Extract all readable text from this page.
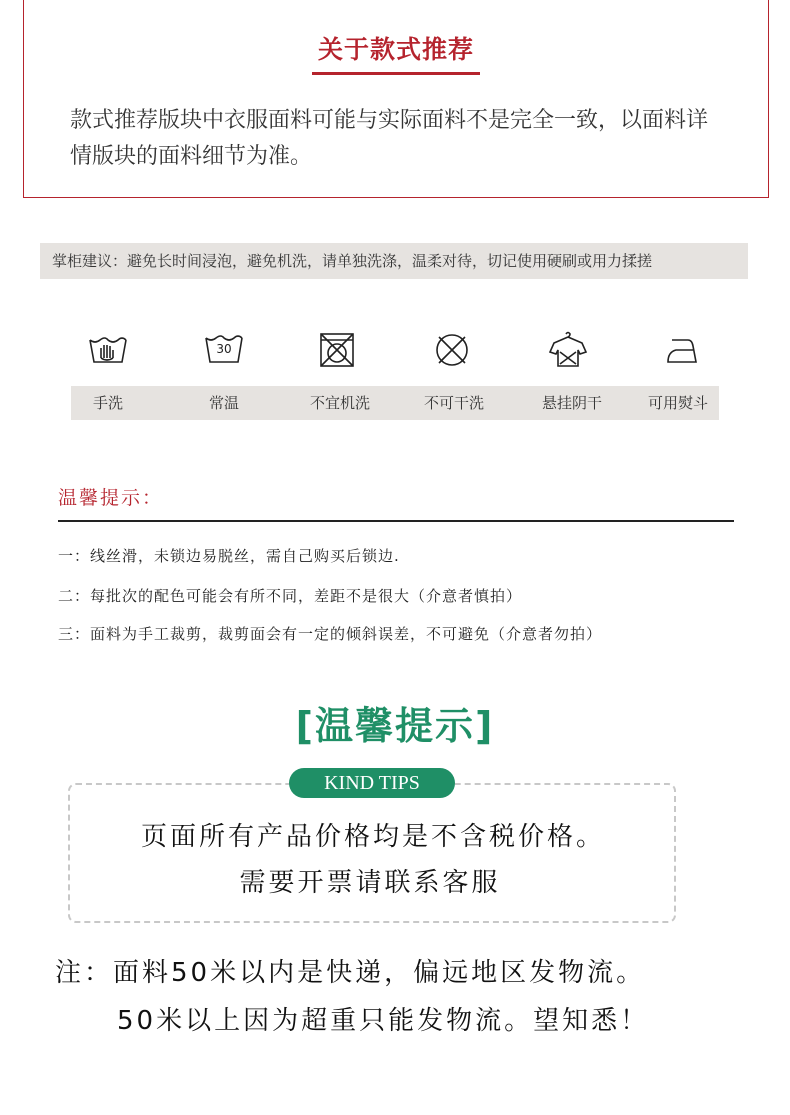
关于款式推荐
款式推荐版块中衣服面料可能与实际面料不是完全一致，以面料详情版块的面料细节为准。
掌柜建议：避免长时间浸泡，避免机洗，请单独洗涤，温柔对待，切记使用硬刷或用力揉搓
30
手洗	常温	不宜机洗	不可干洗	悬挂阴干	可用熨斗
温馨提示：
一：线丝滑，未锁边易脱丝，需自己购买后锁边.
二：每批次的配色可能会有所不同，差距不是很大（介意者慎拍）
三：面料为手工裁剪，裁剪面会有一定的倾斜误差，不可避免（介意者勿拍）
[温馨提示]
KIND TIPS
页面所有产品价格均是不含税价格。
需要开票请联系客服
注：面料50米以内是快递，偏远地区发物流。
50米以上因为超重只能发物流。望知悉！
